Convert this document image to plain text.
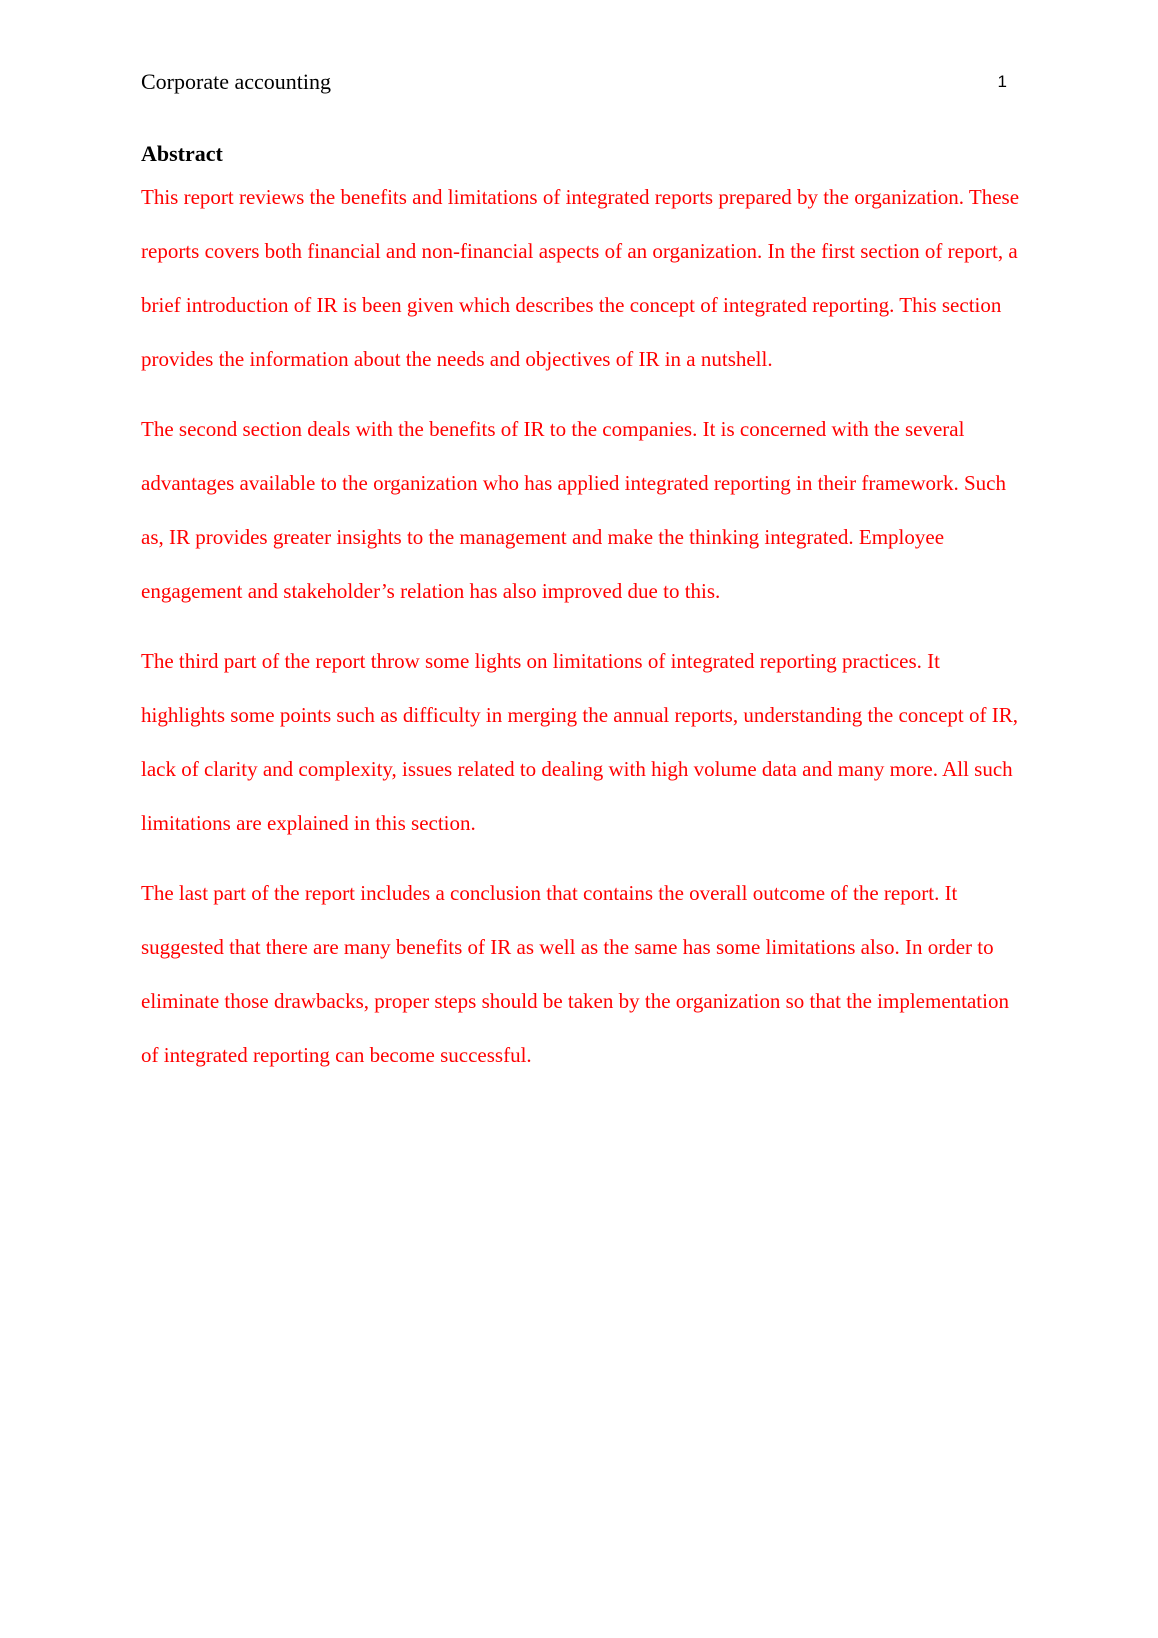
Corporate accounting	1
Abstract

This report reviews the benefits and limitations of integrated reports prepared by the organization. These reports covers both financial and non-financial aspects of an organization. In the first section of report, a brief introduction of IR is been given which describes the concept of integrated reporting. This section provides the information about the needs and objectives of IR in a nutshell.

The second section deals with the benefits of IR to the companies. It is concerned with the several advantages available to the organization who has applied integrated reporting in their framework. Such as, IR provides greater insights to the management and make the thinking integrated. Employee engagement and stakeholder’s relation has also improved due to this.

The third part of the report throw some lights on limitations of integrated reporting practices. It highlights some points such as difficulty in merging the annual reports, understanding the concept of IR, lack of clarity and complexity, issues related to dealing with high volume data and many more. All such limitations are explained in this section.

The last part of the report includes a conclusion that contains the overall outcome of the report. It suggested that there are many benefits of IR as well as the same has some limitations also. In order to eliminate those drawbacks, proper steps should be taken by the organization so that the implementation of integrated reporting can become successful.
